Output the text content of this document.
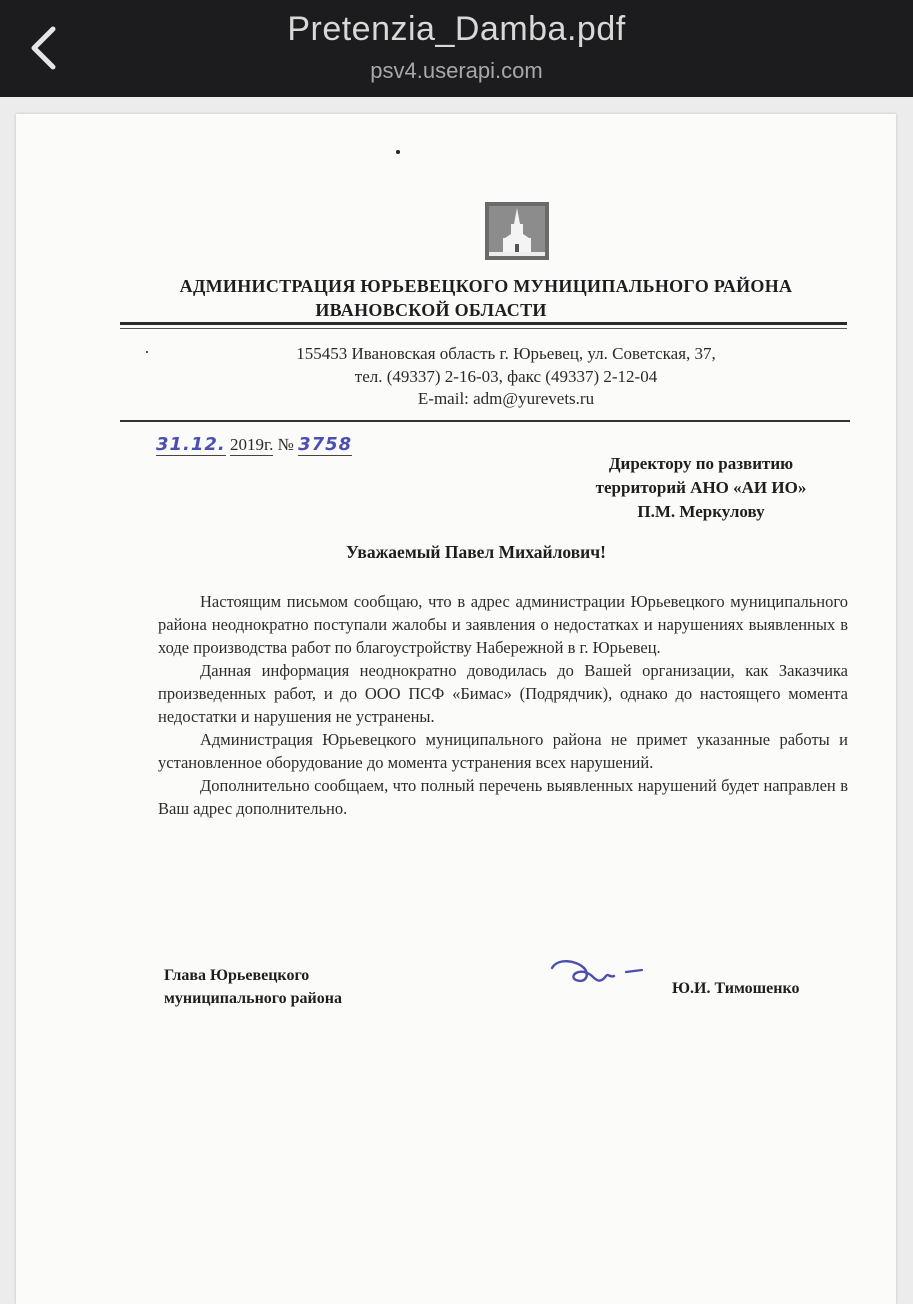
Pretenzia_Damba.pdf
psv4.userapi.com
АДМИНИСТРАЦИЯ ЮРЬЕВЕЦКОГО МУНИЦИПАЛЬНОГО РАЙОНА
ИВАНОВСКОЙ ОБЛАСТИ
155453 Ивановская область г. Юрьевец, ул. Советская, 37,
тел. (49337) 2-16-03, факс (49337) 2-12-04
E-mail: adm@yurevets.ru
31.12. 2019г. № 3758
Директору по развитию
территорий АНО «АИ ИО»
П.М. Меркулову
Уважаемый Павел Михайлович!

Настоящим письмом сообщаю, что в адрес администрации Юрьевецкого муниципального района неоднократно поступали жалобы и заявления о недостатках и нарушениях выявленных в ходе производства работ по благоустройству Набережной в г. Юрьевец.

Данная информация неоднократно доводилась до Вашей организации, как Заказчика произведенных работ, и до ООО ПСФ «Бимас» (Подрядчик), однако до настоящего момента недостатки и нарушения не устранены.

Администрация Юрьевецкого муниципального района не примет указанные работы и установленное оборудование до момента устранения всех нарушений.

Дополнительно сообщаем, что полный перечень выявленных нарушений будет направлен в Ваш адрес дополнительно.

Глава Юрьевецкого
муниципального района
Ю.И. Тимошенко
